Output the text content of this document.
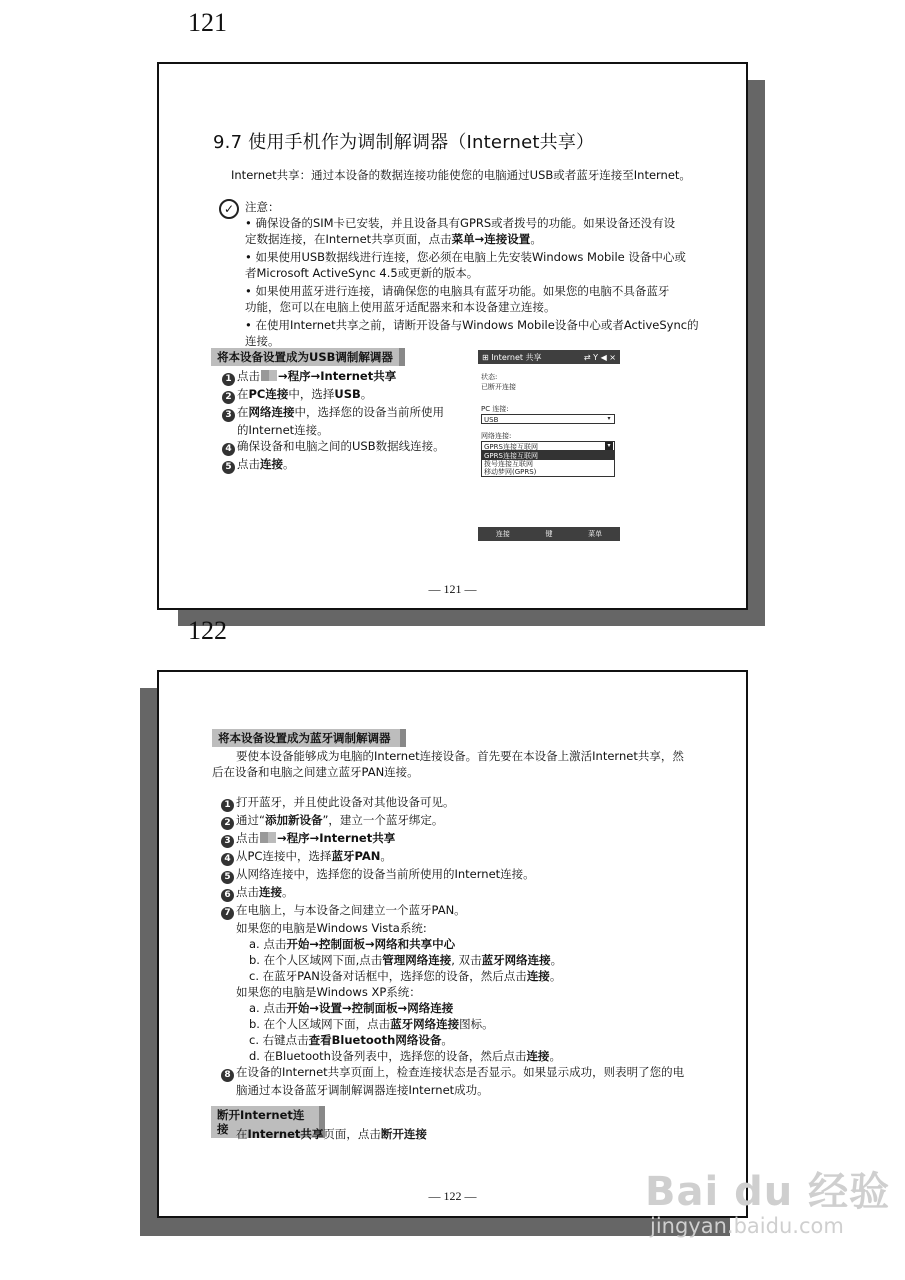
121
9.7 使用手机作为调制解调器（Internet共享）
Internet共享：通过本设备的数据连接功能使您的电脑通过USB或者蓝牙连接至Internet。
✓ 注意：
• 确保设备的SIM卡已安装，并且设备具有GPRS或者拨号的功能。如果设备还没有设
定数据连接，在Internet共享页面，点击菜单→连接设置。
• 如果使用USB数据线进行连接，您必须在电脑上先安装Windows Mobile 设备中心或
者Microsoft ActiveSync 4.5或更新的版本。
• 如果使用蓝牙进行连接，请确保您的电脑具有蓝牙功能。如果您的电脑不具备蓝牙
功能，您可以在电脑上使用蓝牙适配器来和本设备建立连接。
• 在使用Internet共享之前，请断开设备与Windows Mobile设备中心或者ActiveSync的
连接。
将本设备设置成为USB调制解调器
1 点击 →程序→Internet共享
2 在PC连接中，选择USB。
3 在网络连接中，选择您的设备当前所使用
的Internet连接。
4 确保设备和电脑之间的USB数据线连接。
5 点击连接。
⊞ Internet 共享	⇄ Y ◀ ×
状态:
已断开连接
PC 连接:
USB	▾
网络连接:
GPRS连接互联网	▾
GPRS连接互联网
拨号连接互联网
移动梦网(GPRS)
连接	键	菜单
— 121 —
122
将本设备设置成为蓝牙调制解调器
要使本设备能够成为电脑的Internet连接设备。首先要在本设备上激活Internet共享，然
后在设备和电脑之间建立蓝牙PAN连接。
1 打开蓝牙，并且使此设备对其他设备可见。
2 通过“添加新设备”，建立一个蓝牙绑定。
3 点击 →程序→Internet共享
4 从PC连接中，选择蓝牙PAN。
5 从网络连接中，选择您的设备当前所使用的Internet连接。
6 点击连接。
7 在电脑上，与本设备之间建立一个蓝牙PAN。
如果您的电脑是Windows Vista系统:
a. 点击开始→控制面板→网络和共享中心
b. 在个人区域网下面,点击管理网络连接, 双击蓝牙网络连接。
c. 在蓝牙PAN设备对话框中，选择您的设备，然后点击连接。
如果您的电脑是Windows XP系统：
a. 点击开始→设置→控制面板→网络连接
b. 在个人区域网下面，点击蓝牙网络连接图标。
c. 右键点击查看Bluetooth网络设备。
d. 在Bluetooth设备列表中，选择您的设备，然后点击连接。
8 在设备的Internet共享页面上，检查连接状态是否显示。如果显示成功，则表明了您的电
脑通过本设备蓝牙调制解调器连接Internet成功。
断开Internet连接 在Internet共享页面，点击断开连接
— 122 —	Bai du 经验
jingyan.baidu.com
